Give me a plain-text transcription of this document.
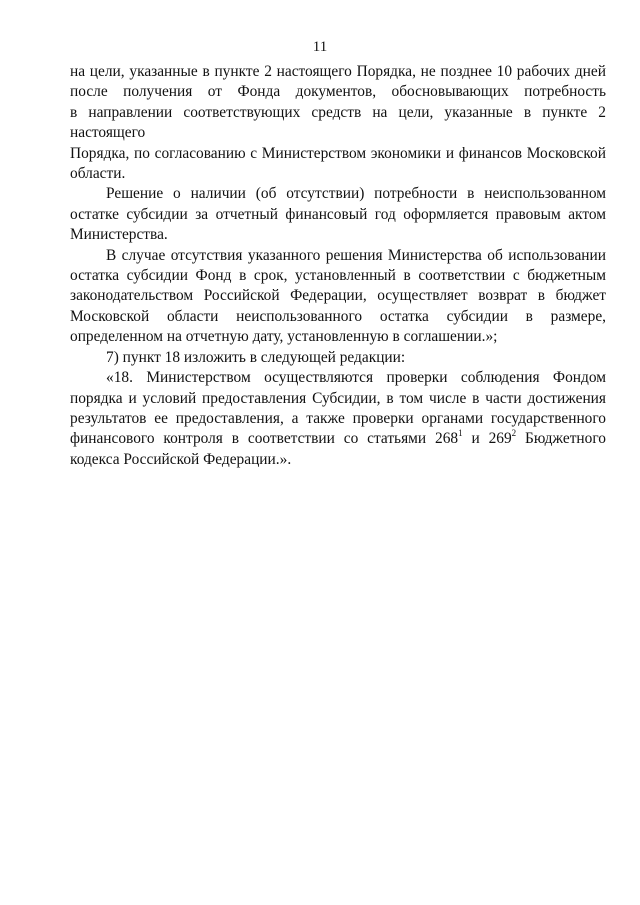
11

на цели, указанные в пункте 2 настоящего Порядка, не позднее 10 рабочих дней

после получения от Фонда документов, обосновывающих потребность

в направлении соответствующих средств на цели, указанные в пункте 2 настоящего

Порядка, по согласованию с Министерством экономики и финансов Московской

области.

Решение о наличии (об отсутствии) потребности в неиспользованном остатке субсидии за отчетный финансовый год оформляется правовым актом Министерства.

В случае отсутствия указанного решения Министерства об использовании остатка субсидии Фонд в срок, установленный в соответствии с бюджетным законодательством Российской Федерации, осуществляет возврат в бюджет Московской области неиспользованного остатка субсидии в размере, определенном на отчетную дату, установленную в соглашении.»;

7) пункт 18 изложить в следующей редакции:

«18. Министерством осуществляются проверки соблюдения Фондом порядка и условий предоставления Субсидии, в том числе в части достижения результатов ее предоставления, а также проверки органами государственного финансового контроля в соответствии со статьями $268^1$ и $269^2$ Бюджетного кодекса Российской Федерации.».
